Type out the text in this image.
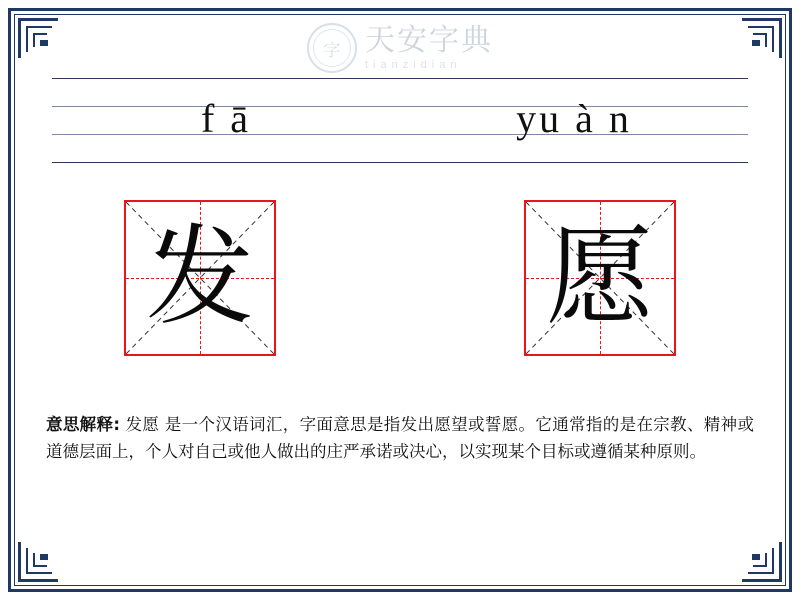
字 天安字典
tianzidian
f ā	yu à n
发	愿
意思解释: 发愿 是一个汉语词汇，字面意思是指发出愿望或誓愿。它通常指的是在宗教、精神或道德层面上，个人对自己或他人做出的庄严承诺或决心，以实现某个目标或遵循某种原则。
